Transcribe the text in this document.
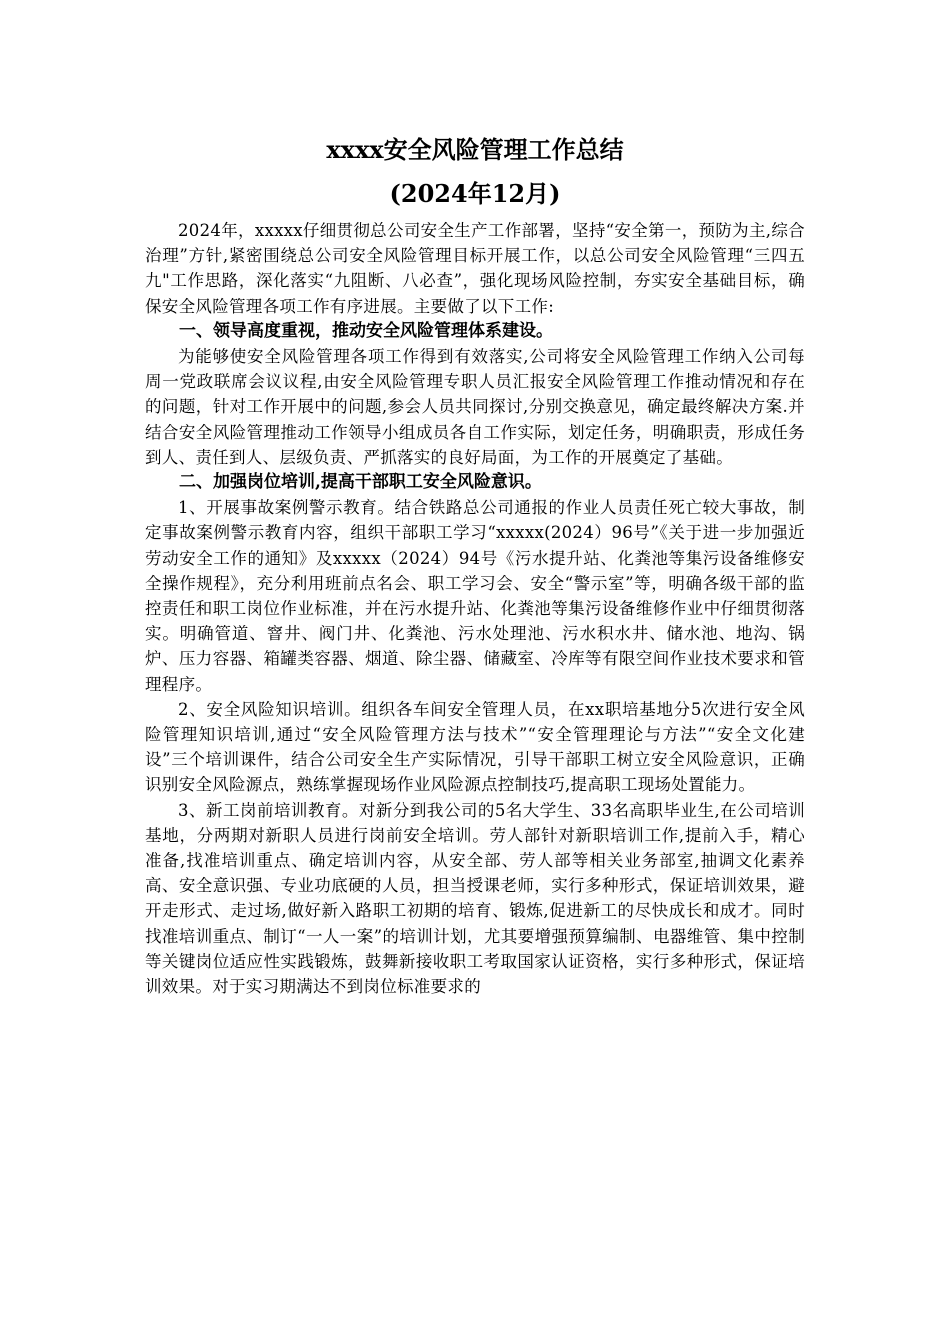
xxxx安全风险管理工作总结

(2024年12月)

2024年，xxxxx仔细贯彻总公司安全生产工作部署，坚持“安全第一，预防为主,综合治理”方针,紧密围绕总公司安全风险管理目标开展工作，以总公司安全风险管理“三四五九"工作思路，深化落实“九阻断、八必查”，强化现场风险控制，夯实安全基础目标，确保安全风险管理各项工作有序进展。主要做了以下工作:

一、领导高度重视，推动安全风险管理体系建设。

为能够使安全风险管理各项工作得到有效落实,公司将安全风险管理工作纳入公司每周一党政联席会议议程,由安全风险管理专职人员汇报安全风险管理工作推动情况和存在的问题，针对工作开展中的问题,参会人员共同探讨,分别交换意见，确定最终解决方案.并结合安全风险管理推动工作领导小组成员各自工作实际，划定任务，明确职责，形成任务到人、责任到人、层级负责、严抓落实的良好局面，为工作的开展奠定了基础。

二、加强岗位培训,提高干部职工安全风险意识。

1、开展事故案例警示教育。结合铁路总公司通报的作业人员责任死亡较大事故，制定事故案例警示教育内容，组织干部职工学习“xxxxx(2024）96号”《关于进一步加强近劳动安全工作的通知》及xxxxx（2024）94号《污水提升站、化粪池等集污设备维修安全操作规程》，充分利用班前点名会、职工学习会、安全“警示室”等，明确各级干部的监控责任和职工岗位作业标准，并在污水提升站、化粪池等集污设备维修作业中仔细贯彻落实。明确管道、窨井、阀门井、化粪池、污水处理池、污水积水井、储水池、地沟、锅炉、压力容器、箱罐类容器、烟道、除尘器、储藏室、冷库等有限空间作业技术要求和管理程序。

2、安全风险知识培训。组织各车间安全管理人员，在xx职培基地分5次进行安全风险管理知识培训,通过“安全风险管理方法与技术”“安全管理理论与方法”“安全文化建设”三个培训课件，结合公司安全生产实际情况，引导干部职工树立安全风险意识，正确识别安全风险源点，熟练掌握现场作业风险源点控制技巧,提高职工现场处置能力。

3、新工岗前培训教育。对新分到我公司的5名大学生、33名高职毕业生,在公司培训基地，分两期对新职人员进行岗前安全培训。劳人部针对新职培训工作,提前入手，精心准备,找准培训重点、确定培训内容，从安全部、劳人部等相关业务部室,抽调文化素养高、安全意识强、专业功底硬的人员，担当授课老师，实行多种形式，保证培训效果，避开走形式、走过场,做好新入路职工初期的培育、锻炼,促进新工的尽快成长和成才。同时找准培训重点、制订“一人一案”的培训计划，尤其要增强预算编制、电器维管、集中控制等关键岗位适应性实践锻炼，鼓舞新接收职工考取国家认证资格，实行多种形式，保证培训效果。对于实习期满达不到岗位标准要求的
